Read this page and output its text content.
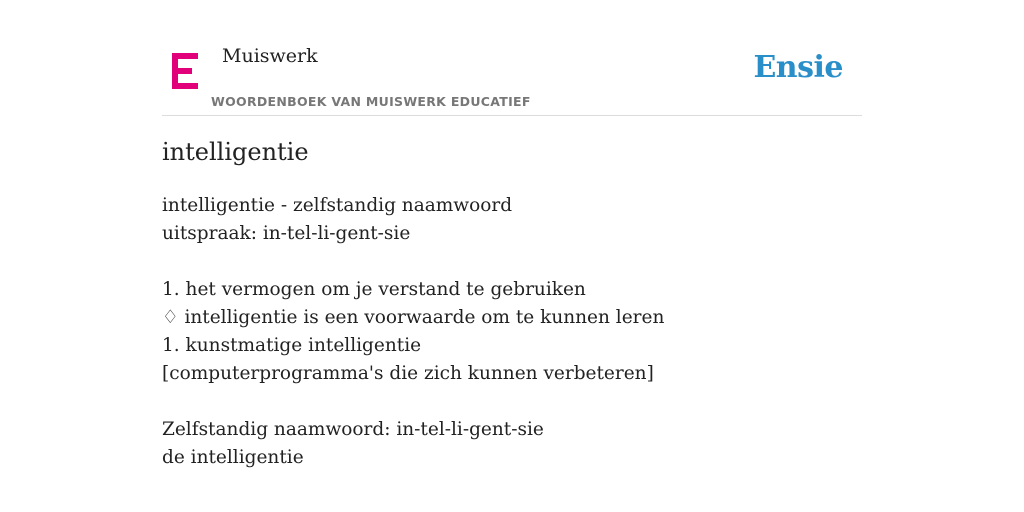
Muiswerk
WOORDENBOEK VAN MUISWERK EDUCATIEF
Ensie
intelligentie
intelligentie - zelfstandig naamwoord
uitspraak: in-tel-li-gent-sie
1. het vermogen om je verstand te gebruiken
♢ intelligentie is een voorwaarde om te kunnen leren
1. kunstmatige intelligentie
[computerprogramma's die zich kunnen verbeteren]
Zelfstandig naamwoord: in-tel-li-gent-sie
de intelligentie
